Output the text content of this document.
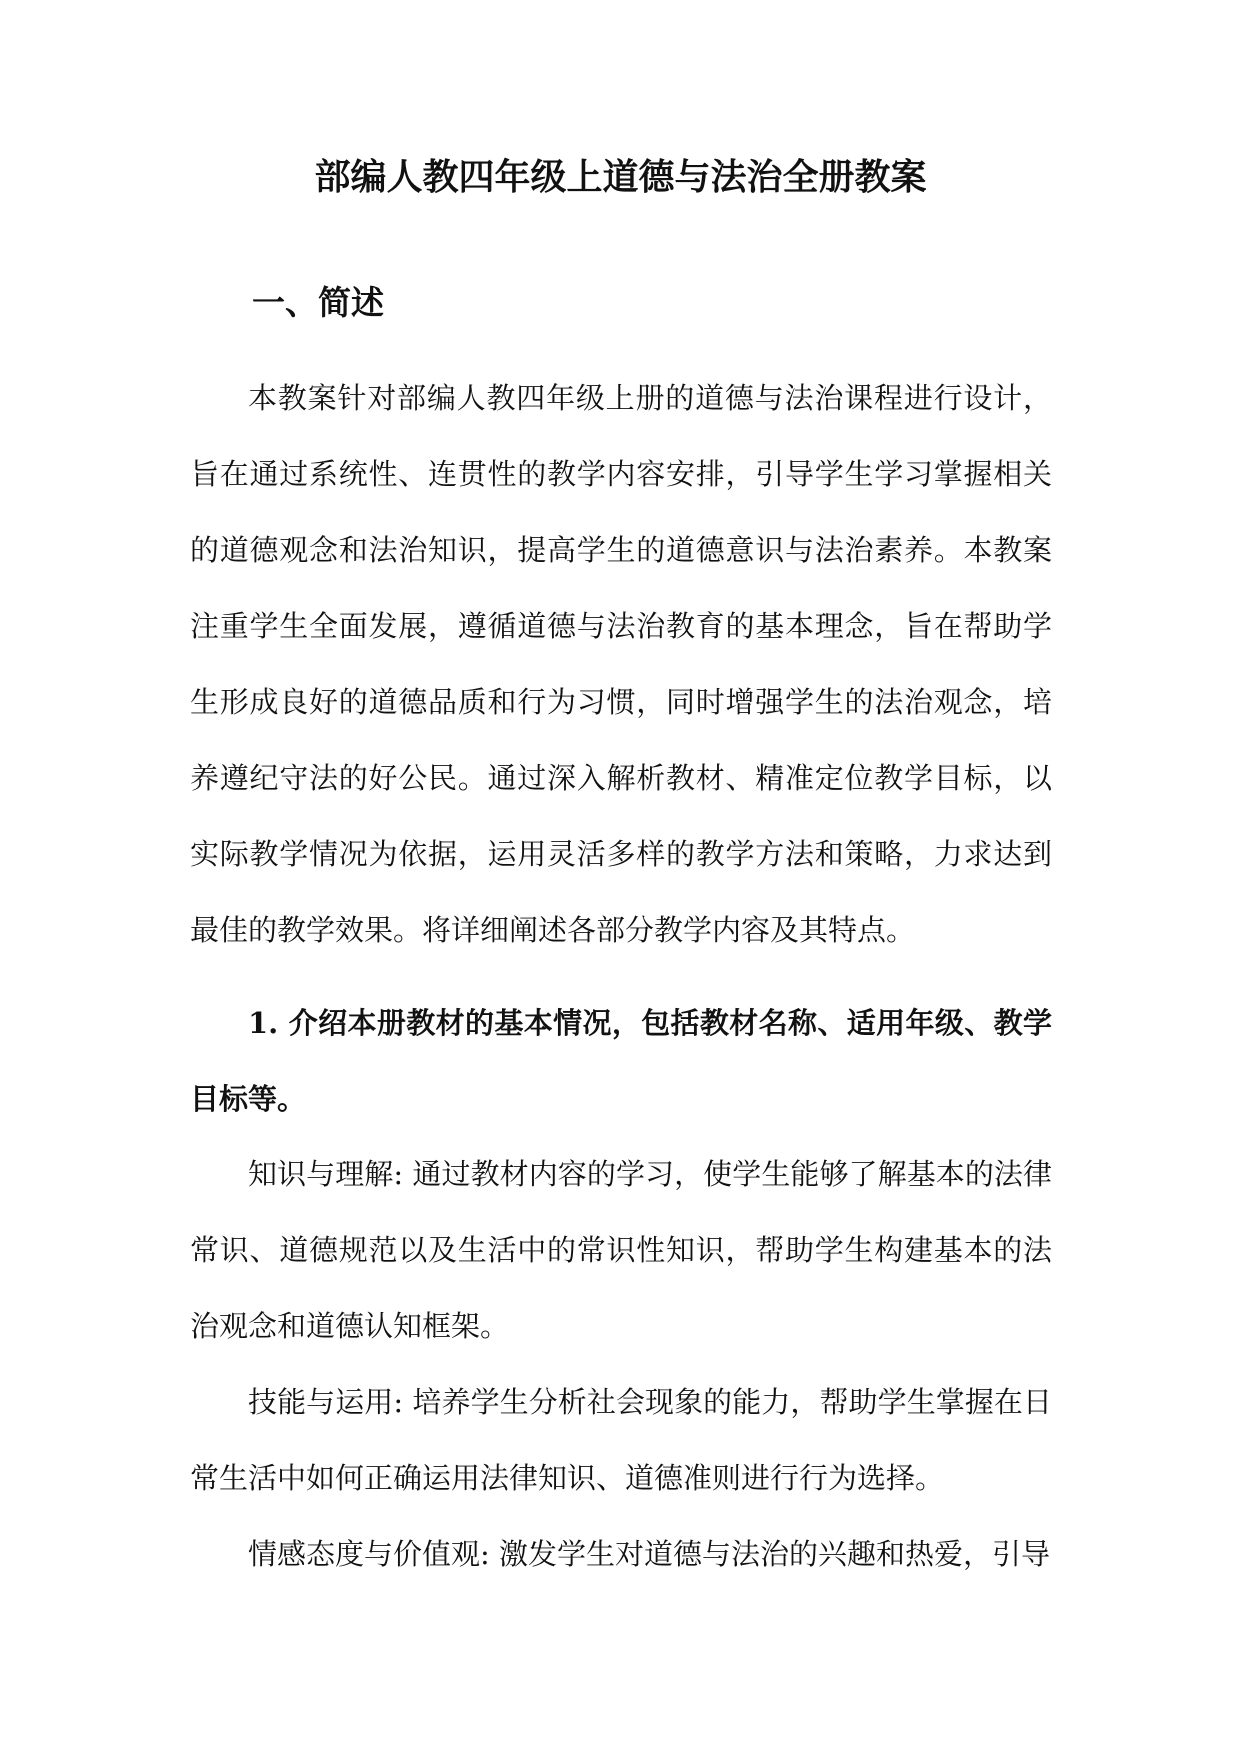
部编人教四年级上道德与法治全册教案
一、简述

本教案针对部编人教四年级上册的道德与法治课程进行设计，旨在通过系统性、连贯性的教学内容安排，引导学生学习掌握相关的道德观念和法治知识，提高学生的道德意识与法治素养。本教案注重学生全面发展，遵循道德与法治教育的基本理念，旨在帮助学生形成良好的道德品质和行为习惯，同时增强学生的法治观念，培养遵纪守法的好公民。通过深入解析教材、精准定位教学目标，以实际教学情况为依据，运用灵活多样的教学方法和策略，力求达到最佳的教学效果。将详细阐述各部分教学内容及其特点。

1. 介绍本册教材的基本情况，包括教材名称、适用年级、教学目标等。

知识与理解: 通过教材内容的学习，使学生能够了解基本的法律常识、道德规范以及生活中的常识性知识，帮助学生构建基本的法治观念和道德认知框架。

技能与运用: 培养学生分析社会现象的能力，帮助学生掌握在日常生活中如何正确运用法律知识、道德准则进行行为选择。

情感态度与价值观: 激发学生对道德与法治的兴趣和热爱，引导
